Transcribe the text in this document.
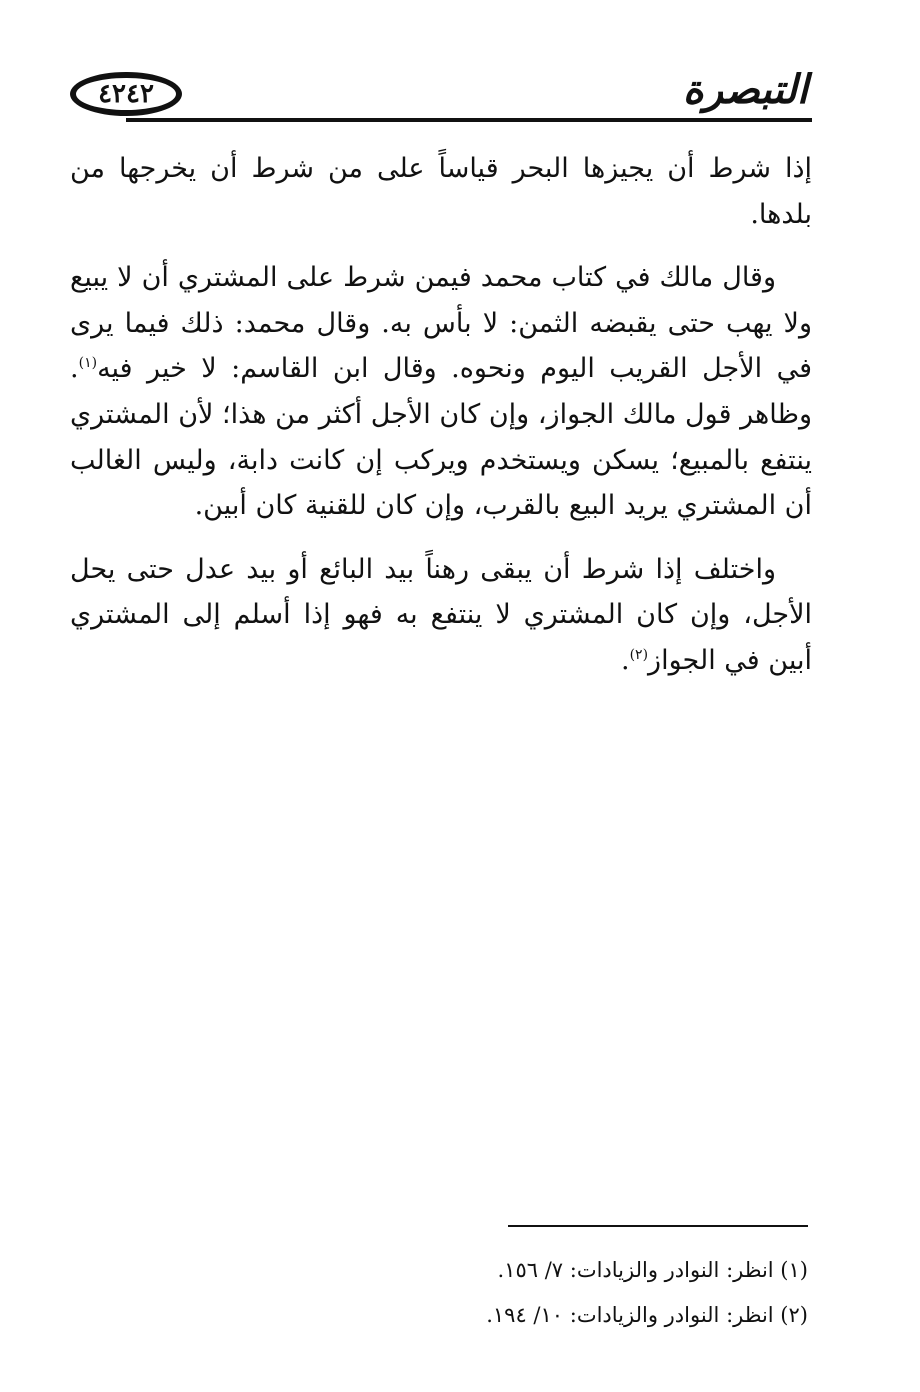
٤٢٤٢	التبصرة

إذا شرط أن يجيزها البحر قياساً على من شرط أن يخرجها من بلدها.

وقال مالك في كتاب محمد فيمن شرط على المشتري أن لا يبيع ولا يهب حتى يقبضه الثمن: لا بأس به. وقال محمد: ذلك فيما يرى في الأجل القريب اليوم ونحوه. وقال ابن القاسم: لا خير فيه$^{(١)}$. وظاهر قول مالك الجواز، وإن كان الأجل أكثر من هذا؛ لأن المشتري ينتفع بالمبيع؛ يسكن ويستخدم ويركب إن كانت دابة، وليس الغالب أن المشتري يريد البيع بالقرب، وإن كان للقنية كان أبين.

واختلف إذا شرط أن يبقى رهناً بيد البائع أو بيد عدل حتى يحل الأجل، وإن كان المشتري لا ينتفع به فهو إذا أسلم إلى المشتري أبين في الجواز$^{(٢)}$.

(١) انظر: النوادر والزيادات: ٧/ ١٥٦.
(٢) انظر: النوادر والزيادات: ١٠/ ١٩٤.
